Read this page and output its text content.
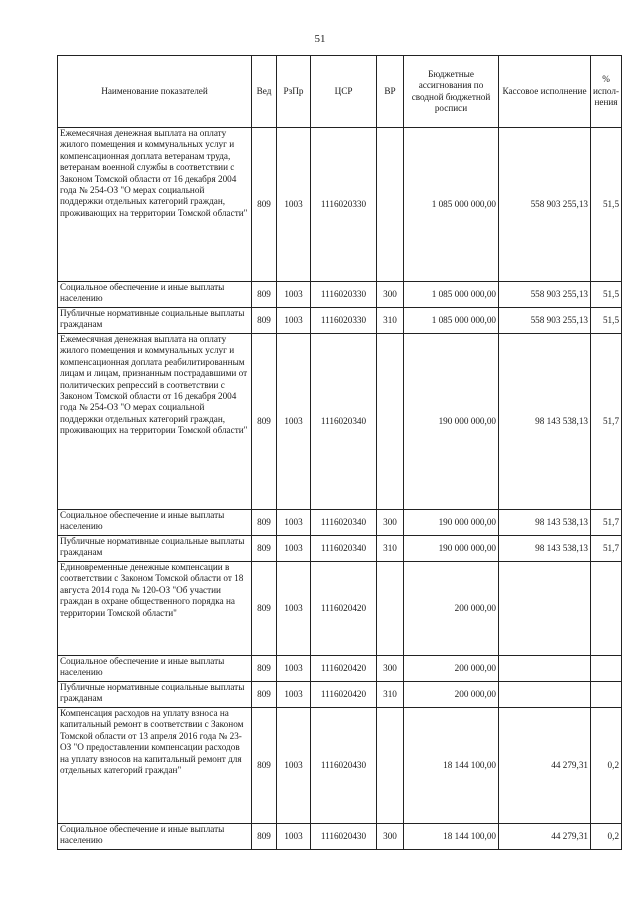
51
Наименование показателей	Вед	РзПр	ЦСР	ВР	Бюджетные ассигнования по сводной бюджетной росписи	Кассовое исполнение	% испол-нения
Ежемесячная денежная выплата на оплату жилого помещения и коммунальных услуг и компенсационная доплата ветеранам труда, ветеранам военной службы в соответствии с Законом Томской области от 16 декабря 2004 года № 254-ОЗ "О мерах социальной поддержки отдельных категорий граждан, проживающих на территории Томской области"	809	1003	1116020330		1 085 000 000,00	558 903 255,13	51,5
Социальное обеспечение и иные выплаты населению	809	1003	1116020330	300	1 085 000 000,00	558 903 255,13	51,5
Публичные нормативные социальные выплаты гражданам	809	1003	1116020330	310	1 085 000 000,00	558 903 255,13	51,5
Ежемесячная денежная выплата на оплату жилого помещения и коммунальных услуг и компенсационная доплата реабилитированным лицам и лицам, признанным пострадавшими от политических репрессий в соответствии с Законом Томской области от 16 декабря 2004 года № 254-ОЗ "О мерах социальной поддержки отдельных категорий граждан, проживающих на территории Томской области"	809	1003	1116020340		190 000 000,00	98 143 538,13	51,7
Социальное обеспечение и иные выплаты населению	809	1003	1116020340	300	190 000 000,00	98 143 538,13	51,7
Публичные нормативные социальные выплаты гражданам	809	1003	1116020340	310	190 000 000,00	98 143 538,13	51,7
Единовременные денежные компенсации в соответствии с Законом Томской области от 18 августа 2014 года № 120-ОЗ "Об участии граждан в охране общественного порядка на территории Томской области"	809	1003	1116020420		200 000,00		
Социальное обеспечение и иные выплаты населению	809	1003	1116020420	300	200 000,00		
Публичные нормативные социальные выплаты гражданам	809	1003	1116020420	310	200 000,00		
Компенсация расходов на уплату взноса на капитальный ремонт в соответствии с Законом Томской области от 13 апреля 2016 года № 23-ОЗ "О предоставлении компенсации расходов на уплату взносов на капитальный ремонт для отдельных категорий граждан"	809	1003	1116020430		18 144 100,00	44 279,31	0,2
Социальное обеспечение и иные выплаты населению	809	1003	1116020430	300	18 144 100,00	44 279,31	0,2
